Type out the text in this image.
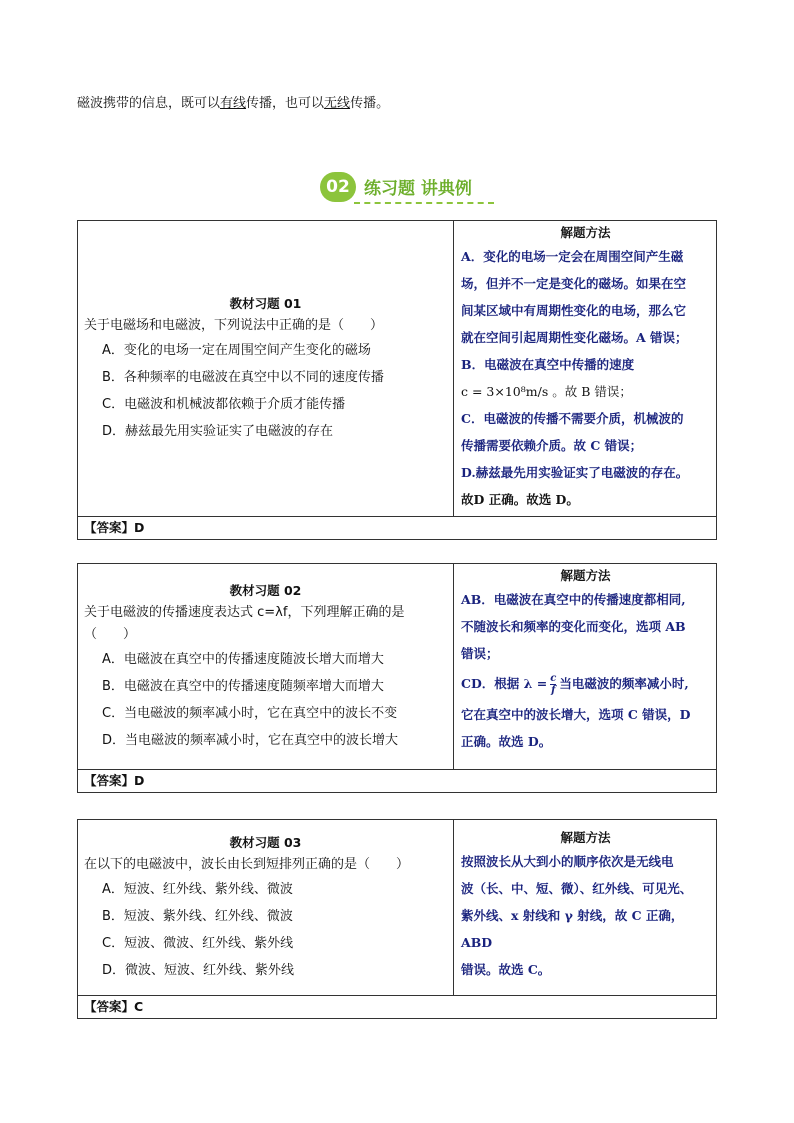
磁波携带的信息，既可以有线传播，也可以无线传播。
02 练习题 讲典例
教材习题 01
关于电磁场和电磁波，下列说法中正确的是（　　）
A．变化的电场一定在周围空间产生变化的磁场
B．各种频率的电磁波在真空中以不同的速度传播
C．电磁波和机械波都依赖于介质才能传播
D．赫兹最先用实验证实了电磁波的存在
解题方法
A．变化的电场一定会在周围空间产生磁
场，但并不一定是变化的磁场。如果在空
间某区域中有周期性变化的电场，那么它
就在空间引起周期性变化磁场。A 错误；
B．电磁波在真空中传播的速度
c = 3×10⁸m/s 。故 B 错误；
C．电磁波的传播不需要介质，机械波的
传播需要依赖介质。故 C 错误；
D.赫兹最先用实验证实了电磁波的存在。
故D 正确。故选 D。
【答案】D
教材习题 02
关于电磁波的传播速度表达式 c=λf，下列理解正确的是
（　　）
A．电磁波在真空中的传播速度随波长增大而增大
B．电磁波在真空中的传播速度随频率增大而增大
C．当电磁波的频率减小时，它在真空中的波长不变
D．当电磁波的频率减小时，它在真空中的波长增大
解题方法
AB．电磁波在真空中的传播速度都相同,
不随波长和频率的变化而变化，选项 AB
错误；
CD．根据 $\lambda = \frac{c}{f}$ 当电磁波的频率减小时,
它在真空中的波长增大，选项 C 错误，D
正确。故选 D。
【答案】D
教材习题 03
在以下的电磁波中，波长由长到短排列正确的是（　　）
A．短波、红外线、紫外线、微波
B．短波、紫外线、红外线、微波
C．短波、微波、红外线、紫外线
D．微波、短波、红外线、紫外线
解题方法
按照波长从大到小的顺序依次是无线电
波（长、中、短、微）、红外线、可见光、
紫外线、x 射线和 γ 射线，故 C 正确，ABD
错误。故选 C。
【答案】C
